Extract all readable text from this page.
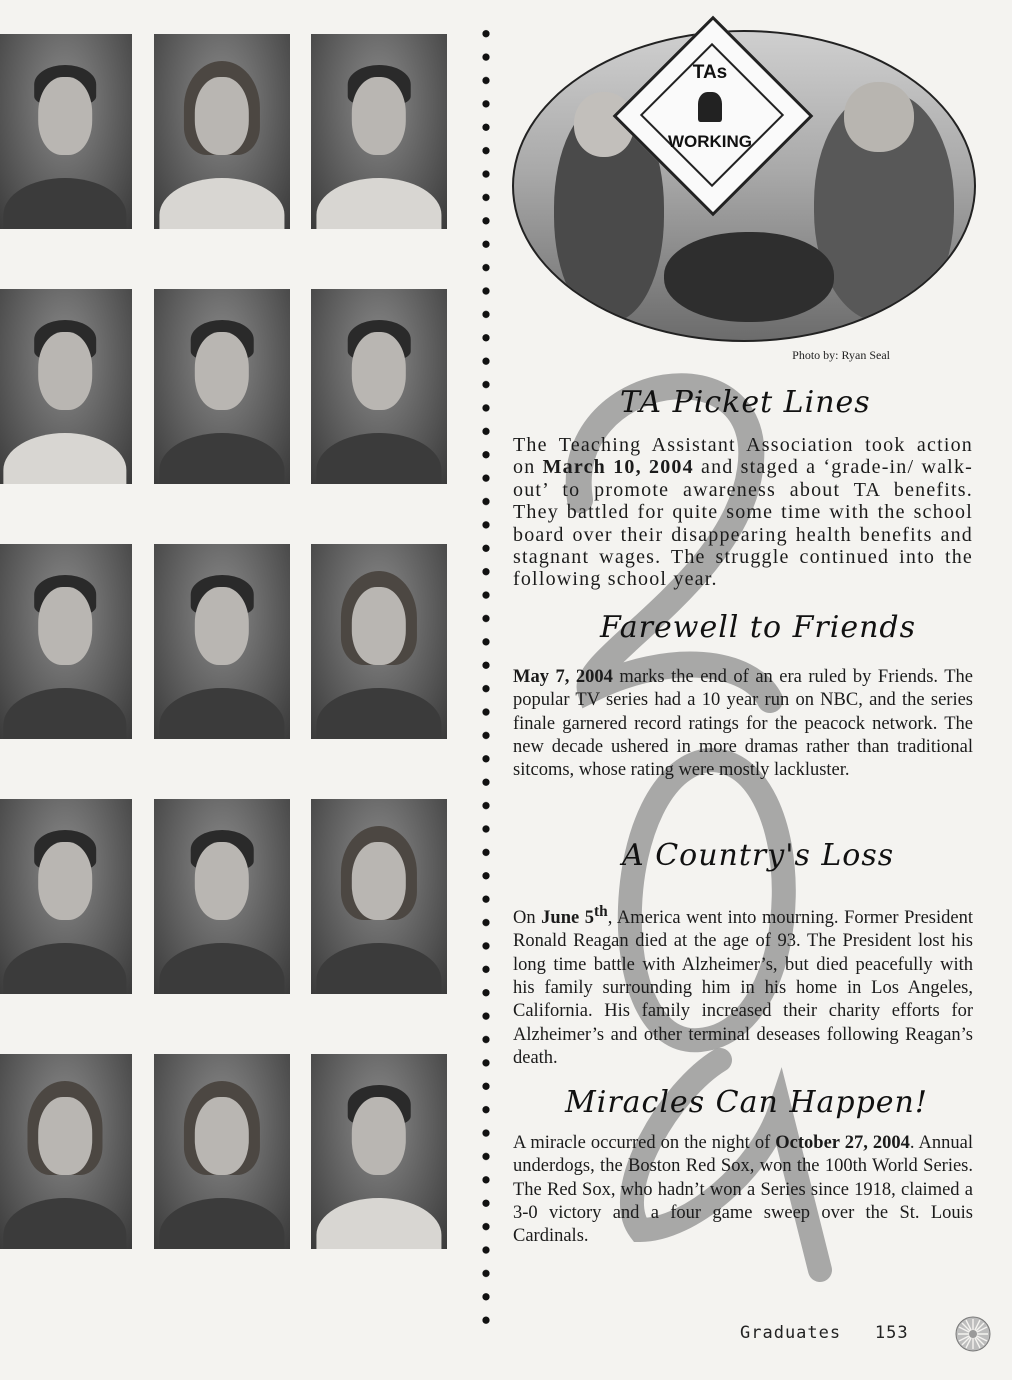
TAs
WORKING
Photo by: Ryan Seal
TA Picket Lines
The Teaching Assistant Association took action on March 10, 2004 and staged a ‘grade-in/ walk-out’ to promote awareness about TA benefits. They battled for quite some time with the school board over their disappearing health benefits and stagnant wages. The struggle continued into the following school year.
Farewell to Friends
May 7, 2004 marks the end of an era ruled by Friends. The popular TV series had a 10 year run on NBC, and the series finale garnered record ratings for the peacock network. The new decade ushered in more dramas rather than traditional sitcoms, whose rating were mostly lackluster.
A Country's Loss
On June 5th, America went into mourning. Former President Ronald Reagan died at the age of 93. The President lost his long time battle with Alzheimer’s, but died peacefully with his family surrounding him in his home in Los Angeles, California. His family increased their charity efforts for Alzheimer’s and other terminal deseases following Reagan’s death.
Miracles Can Happen!
A miracle occurred on the night of October 27, 2004. Annual underdogs, the Boston Red Sox, won the 100th World Series. The Red Sox, who hadn’t won a Series since 1918, claimed a 3-0 victory and a four game sweep over the St. Louis Cardinals.
Graduates 153
